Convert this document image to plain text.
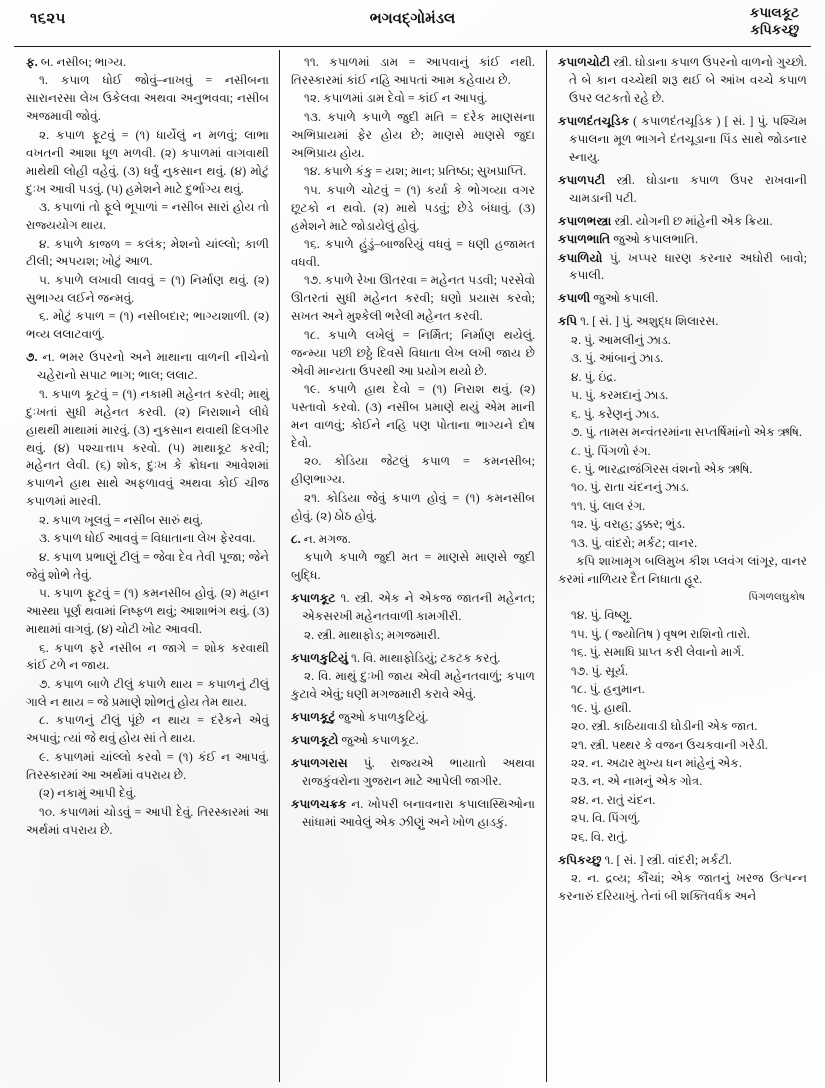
૧૬૨૫	ભગવદ્ગોમંડલ	કપાલકૂટ
કપિકચ્છુ

ફ. બ. નસીબ; ભાગ્ય.

૧. કપાળ ધોઈ જોવું–નાખવું = નસીબના સારાનરસા લેખ ઉકેલવા અથવા અનુભવવા; નસીબ અજમાવી જોવું.

૨. કપાળ ફૂટવું = (૧) ધાર્યેલું ન મળવું; લાભા વખતની આશા ધૂળ મળવી. (૨) કપાળમાં વાગવાથી માથેથી લોહી વહેવું. (૩) ધર્વું નુકસાન થવું. (૪) મોટું દુઃખ આવી પડવું. (૫) હમેશને માટે દુર્ભાગ્ય થવું.

૩. કપાળાં તો ફૂલે ભૂપાળાં = નસીબ સારાં હોય તો રાજ્યયોગ થાય.

૪. કપાળે કાજળ = કલંક; મેશનો ચાંલ્લો; કાળી ટીલી; અપયશ; ખોટું આળ.

૫. કપાળે લખાવી લાવવું = (૧) નિર્માણ થવું. (૨) સુભાગ્ય લઈને જન્મવું.

૬. મોટું કપાળ = (૧) નસીબદાર; ભાગ્યશાળી. (૨) ભવ્ય લલાટવાળું.

૭. ન. ભમર ઉપરનો અને માથાના વાળની નીચેનો ચહેરાનો સપાટ ભાગ; ભાલ; લલાટ.

૧. કપાળ કૂટવું = (૧) નકામી મહેનત કરવી; માથું દુઃખતાં સુધી મહેનત કરવી. (૨) નિરાશાને લીધે હાથથી માથામાં મારવું. (૩) નુકસાન થવાથી દિલગીર થવું. (૪) પશ્ચાત્તાપ કરવો. (૫) માથાકૂટ કરવી; મહેનત લેવી. (૬) શોક, દુઃખ કે ક્રોધના આવેશમાં કપાળને હાથ સાથે અફળાવવું અથવા કોઈ ચીજ કપાળમાં મારવી.

૨. કપાળ ખૂલવું = નસીબ સારું થવું.

૩. કપાળ ધોઈ આવવું = વિધાતાના લેખ ફેરવવા.

૪. કપાળ પ્રભાણું ટીલું = જેવા દેવ તેવી પૂજા; જેને જેવું શોભે તેવું.

૫. કપાળ ફૂટવું = (૧) કમનસીબ હોવું. (૨) મહાન આસ્થા પૂર્ણ થવામાં નિષ્ફળ થવું; આશાભંગ થવું. (૩) માથામાં વાગવું. (૪) ચોટી ખોટ આવવી.

૬. કપાળ ફરે નસીબ ન જાગે = શોક કરવાથી કાંઈ ટળે ન જાય.

૭. કપાળ બાળે ટીલું કપાળે થાય = કપાળનું ટીલું ગાલે ન થાય = જે પ્રમાણે શોભતું હોય તેમ થાય.

૮. કપાળનું ટીલું પૂંછે ન થાય = દરેકને એવું અપાવું; ત્યાં જે થવું હોય સાં તે થાય.

૯. કપાળમાં ચાંલ્લો કરવો = (૧) કંઈ ન આપવું. તિરસ્કારમાં આ અર્થમાં વપરાય છે.

(૨) નકામું આપી દેવું.

૧૦. કપાળમાં ચોડવું = આપી દેવું. તિરસ્કારમાં આ અર્થમાં વપરાય છે.

૧૧. કપાળમાં ડામ = આપવાનું કાંઈ નથી. તિરસ્કારમાં કાંઈ નહિ આપતાં આમ કહેવાય છે.

૧૨. કપાળમાં ડામ દેવો = કાંઈ ન આપવું.

૧૩. કપાળે કપાળે જુદી મતિ = દરેક માણસના અભિપ્રાયમાં ફેર હોય છે; માણસે માણસે જુદા અભિપ્રાય હોય.

૧૪. કપાળે કંકુ = યશ; માન; પ્રતિષ્ઠા; સુખપ્રાપ્તિ.

૧૫. કપાળે ચોટવું = (૧) કર્યા કે ભોગવ્યા વગર છૂટકો ન થવો. (૨) માથે પડવું; છેડે બંધાવું. (૩) હમેશને માટે જોડાયેલું હોવું.

૧૬. કપાળે હુંડું–બાજરિયું વધવું = ધણી હજામત વધવી.

૧૭. કપાળે રેખા ઊતરવા = મહેનત પડવી; પરસેવો ઊતરતાં સુધી મહેનત કરવી; ધણો પ્રયાસ કરવો; સખત અને મુશ્કેલી ભરેલી મહેનત કરવી.

૧૮. કપાળે લખેલું = નિર્મિત; નિર્માણ થયેલું. જન્મ્યા પછી છઠ્ઠે દિવસે વિધાતા લેખ લખી જાય છે એવી માન્યતા ઉપરથી આ પ્રયોગ થયો છે.

૧૯. કપાળે હાથ દેવો = (૧) નિરાશ થવું. (૨) પસ્તાવો કરવો. (૩) નસીબ પ્રમાણે થયું એમ માની મન વાળવું; કોઈને નહિ પણ પોતાના ભાગ્યને દોષ દેવો.

૨૦. કોડિયા જેટલું કપાળ = કમનસીબ; હીણભાગ્ય.

૨૧. કોડિયા જેવું કપાળ હોવું = (૧) કમનસીબ હોવું. (૨) ઠોઠ હોવું.

૮. ન. મગજ.

કપાળે કપાળે જુદી મત = માણસે માણસે જુદી બુદ્ધિ.

કપાળકૂટ ૧. સ્ત્રી. એક ને એકજ જાતની મહેનત; એકસરખી મહેનતવાળી કામગીરી.

૨. સ્ત્રી. માથાફોડ; મગજમારી.

કપાળકુટિયું ૧. વિ. માથાફોડિયું; ટકટક કરતું.

૨. વિ. માથું દુઃખી જાય એવી મહેનતવાળું; કપાળ કુટાવે એવું; ધણી મગજમારી કરાવે એવું.

કપાળકૂટું જુઓ કપાળકુટિયું.

કપાળકૂટો જુઓ કપાળકૂટ.

કપાળગરાસ પું. રાજ્યએ ભાયાતો અથવા રાજકુંવરોના ગુજરાન માટે આપેલી જાગીર.

કપાળચક્રક ન. ખોપરી બનાવનારા કપાલાસ્થિઓના સાંધામાં આવેલું એક ઝીણું અને ખોળ હાડકું.

કપાળચોટી સ્ત્રી. ઘોડાના કપાળ ઉપરનો વાળનો ગુચ્છો. તે બે કાન વચ્ચેથી શરૂ થઈ બે આંખ વચ્ચે કપાળ ઉપર લટકતો રહે છે.

કપાળદંતચૂડિક ( કપાળદંતચૂડિક ) [ સં. ] પું. પશ્ચિમ કપાલના મૂળ ભાગને દંતચૂડાના પિંડ સાથે જોડનાર સ્નાયુ.

કપાળપટી સ્ત્રી. ઘોડાના કપાળ ઉપર રાખવાની ચામડાની પટી.

કપાળભસ્ત્રા સ્ત્રી. યોગની છ માંહેની એક ક્રિયા.

કપાળભાતિ જુઓ કપાલભાતિ.

કપાળિયો પું. ખપ્પર ધારણ કરનાર અઘોરી બાવો; કપાલી.

કપાળી જુઓ કપાલી.

કપિ ૧. [ સં. ] પું. અશુદ્ધ શિલારસ.

૨. પું. આમલીનું ઝાડ.

૩. પું. આંબાનું ઝાડ.

૪. પું. ઇંદ્ર.

૫. પું. કરમદાનું ઝાડ.

૬. પું. કરેણનું ઝાડ.

૭. પું. તામસ મન્વંતરમાંના સપ્તર્ષિમાંનો એક ઋષિ.

૮. પું. પિંગળો રંગ.

૯. પું. ભારદ્વાજંગિરસ વંશનો એક ઋષિ.

૧૦. પું. રાતા ચંદનનું ઝાડ.

૧૧. પું. લાલ રંગ.

૧૨. પું. વરાહ; ડુક્કર; ભુંડ.

૧૩. પું. વાંદરો; મર્કટ; વાનર.

કપિ શાખામૃગ બલિમુખ કીશ પ્લવંગ લાંગૂર, વાનર કરમાં નાળિયર દૈત નિધાતા હૂર.

પિંગળલઘુકોષ

૧૪. પું. વિષ્ણુ.

૧૫. પું. ( જ્યોતિષ ) વૃષભ રાશિનો તારો.

૧૬. પું. સમાધિ પ્રાપ્ત કરી લેવાનો માર્ગ.

૧૭. પું. સૂર્ય.

૧૮. પું. હનુમાન.

૧૯. પું. હાથી.

૨૦. સ્ત્રી. કાઠિયાવાડી ઘોડીની એક જાત.

૨૧. સ્ત્રી. પથ્થર કે વજન ઉચકવાની ગરેડી.

૨૨. ન. અઢાર મુખ્ય ધન માંહેનું એક.

૨૩. ન. એ નામનું એક ગોત્ર.

૨૪. ન. રાતું ચંદન.

૨૫. વિ. પિંગળું.

૨૬. વિ. રાતું.

કપિકચ્છુ ૧. [ સં. ] સ્ત્રી. વાંદરી; મર્કટી.

૨. ન. દ્રવ્ય; કૌંચાં; એક જાતનું ખરજ ઉત્પન્ન કરનારું દરિયાખું. તેનાં બી શક્તિવર્ધક અને
